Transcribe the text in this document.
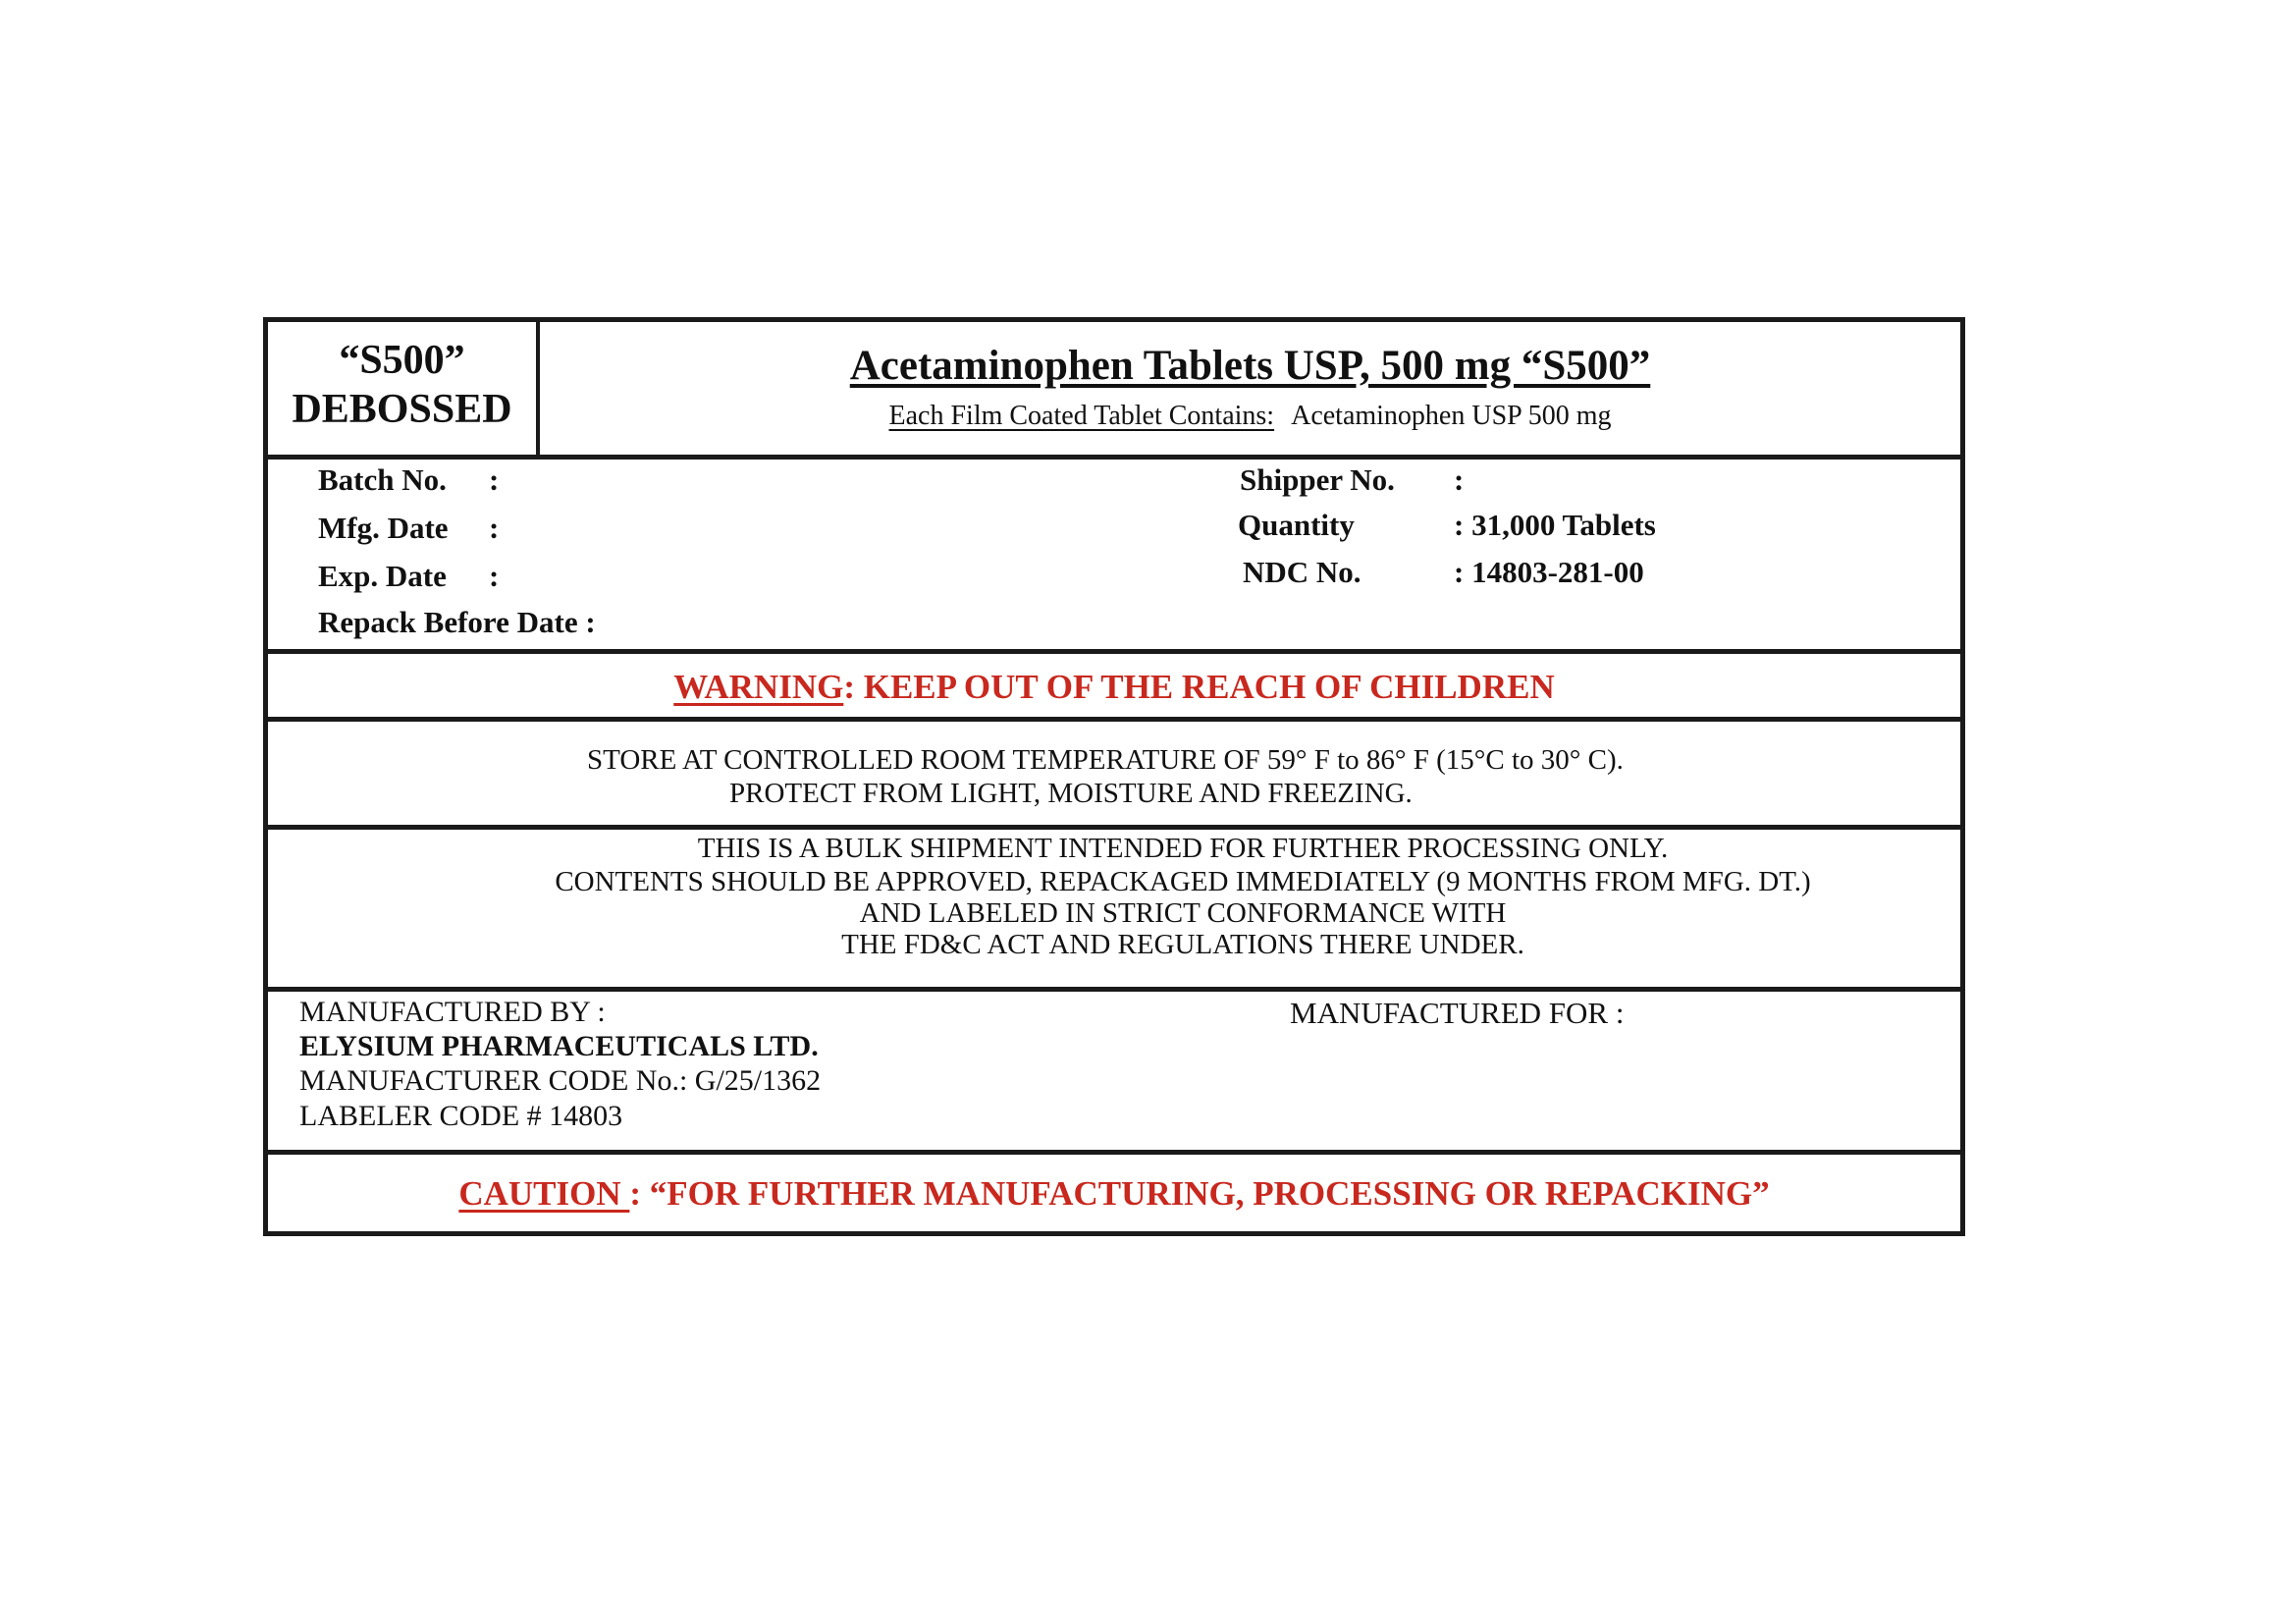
“S500”
DEBOSSED
Acetaminophen Tablets USP, 500 mg “S500”
Each Film Coated Tablet Contains: Acetaminophen USP 500 mg
Batch No. :
Mfg. Date :
Exp. Date :
Repack Before Date :
Shipper No. :
Quantity	: 31,000 Tablets
NDC No.	: 14803-281-00
WARNING: KEEP OUT OF THE REACH OF CHILDREN
STORE AT CONTROLLED ROOM TEMPERATURE OF 59° F to 86° F (15°C to 30° C).
PROTECT FROM LIGHT, MOISTURE AND FREEZING.
THIS IS A BULK SHIPMENT INTENDED FOR FURTHER PROCESSING ONLY.
CONTENTS SHOULD BE APPROVED, REPACKAGED IMMEDIATELY (9 MONTHS FROM MFG. DT.)
AND LABELED IN STRICT CONFORMANCE WITH
THE FD&C ACT AND REGULATIONS THERE UNDER.
MANUFACTURED BY :
ELYSIUM PHARMACEUTICALS LTD.
MANUFACTURER CODE No.: G/25/1362
LABELER CODE # 14803
MANUFACTURED FOR :
CAUTION : “FOR FURTHER MANUFACTURING, PROCESSING OR REPACKING”
